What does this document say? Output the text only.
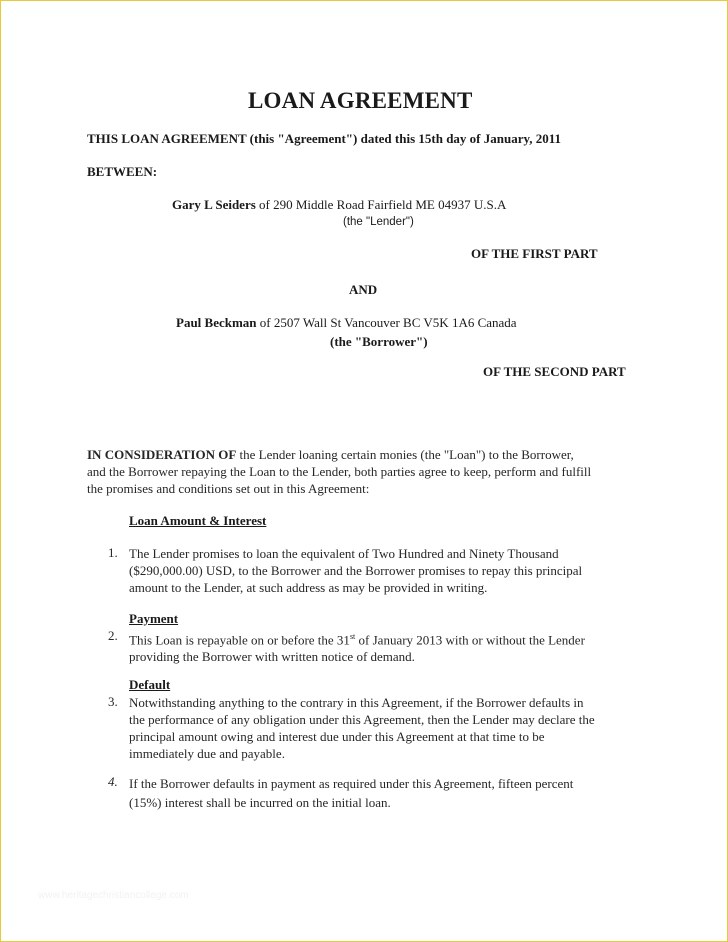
LOAN AGREEMENT
THIS LOAN AGREEMENT (this "Agreement") dated this 15th day of January, 2011
BETWEEN:
Gary L Seiders of 290 Middle Road Fairfield ME 04937 U.S.A
(the "Lender")
OF THE FIRST PART
AND
Paul Beckman of 2507 Wall St Vancouver BC V5K 1A6 Canada
(the "Borrower")
OF THE SECOND PART
IN CONSIDERATION OF the Lender loaning certain monies (the "Loan") to the Borrower,
and the Borrower repaying the Loan to the Lender, both parties agree to keep, perform and fulfill
the promises and conditions set out in this Agreement:
Loan Amount & Interest
1. The Lender promises to loan the equivalent of Two Hundred and Ninety Thousand
($290,000.00) USD, to the Borrower and the Borrower promises to repay this principal
amount to the Lender, at such address as may be provided in writing.
Payment
2. This Loan is repayable on or before the 31st of January 2013 with or without the Lender
providing the Borrower with written notice of demand.
Default
3. Notwithstanding anything to the contrary in this Agreement, if the Borrower defaults in
the performance of any obligation under this Agreement, then the Lender may declare the
principal amount owing and interest due under this Agreement at that time to be
immediately due and payable.
4. If the Borrower defaults in payment as required under this Agreement, fifteen percent
(15%) interest shall be incurred on the initial loan.
www.heritagechristiancollege.com
